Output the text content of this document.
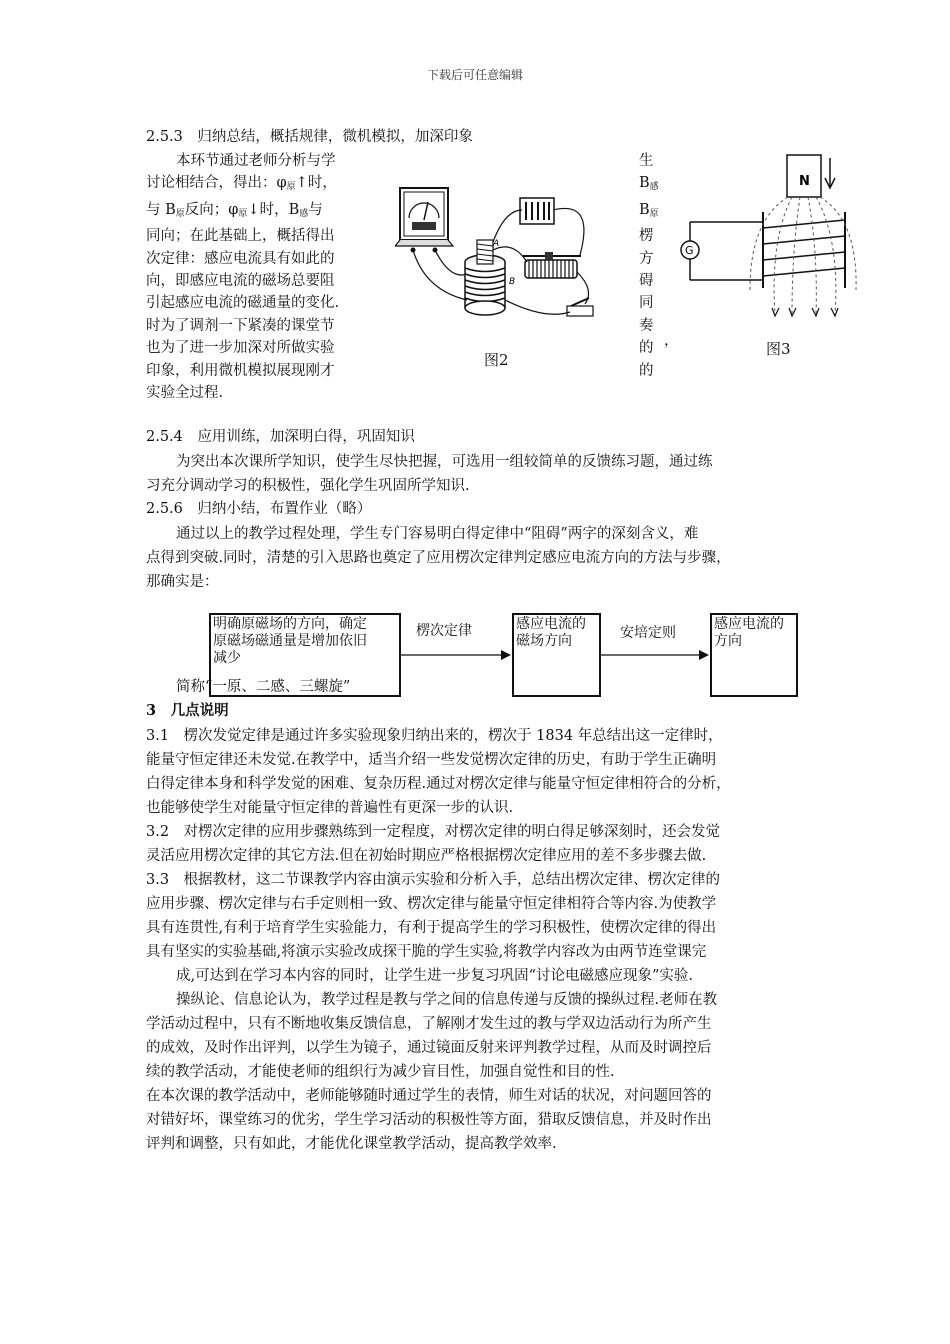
下载后可任意编辑
2.5.3　归纳总结，概括规律，微机模拟，加深印象
本环节通过老师分析与学
讨论相结合，得出：$\varphi_原↑$时，
与 $B_原$反向；$\varphi_原↓$时，$B_感$与
同向；在此基础上，概括得出
次定律：感应电流具有如此的
向，即感应电流的磁场总要阻
引起感应电流的磁通量的变化.
时为了调剂一下紧凑的课堂节
也为了进一步加深对所做实验
印象，利用微机模拟展现刚才
实验全过程.
A
B
图2
生
$B_感$
$B_原$
楞
方
碍
同
奏
的
的
，
N
G
图3
2.5.4　应用训练，加深明白得，巩固知识
为突出本次课所学知识，使学生尽快把握，可选用一组较简单的反馈练习题，通过练
习充分调动学习的积极性，强化学生巩固所学知识.
2.5.6　归纳小结，布置作业（略）
通过以上的教学过程处理，学生专门容易明白得定律中“阻碍”两字的深刻含义，难
点得到突破.同时，清楚的引入思路也奠定了应用楞次定律判定感应电流方向的方法与步骤，
那确实是：
明确原磁场的方向，确定
原磁场磁通量是增加依旧
减少
楞次定律	感应电流的
磁场方向	安培定则
感应电流的
方向
简称“一原、二感、三螺旋”
3　几点说明
3.1　楞次发觉定律是通过许多实验现象归纳出来的，楞次于 1834 年总结出这一定律时，
能量守恒定律还未发觉.在教学中，适当介绍一些发觉楞次定律的历史，有助于学生正确明
白得定律本身和科学发觉的困难、复杂历程.通过对楞次定律与能量守恒定律相符合的分析，
也能够使学生对能量守恒定律的普遍性有更深一步的认识.
3.2　对楞次定律的应用步骤熟练到一定程度，对楞次定律的明白得足够深刻时，还会发觉
灵活应用楞次定律的其它方法.但在初始时期应严格根据楞次定律应用的差不多步骤去做.
3.3　根据教材，这二节课教学内容由演示实验和分析入手，总结出楞次定律、楞次定律的
应用步骤、楞次定律与右手定则相一致、楞次定律与能量守恒定律相符合等内容.为使教学
具有连贯性,有利于培育学生实验能力，有利于提高学生的学习积极性，使楞次定律的得出
具有坚实的实验基础,将演示实验改成探干脆的学生实验,将教学内容改为由两节连堂课完
成,可达到在学习本内容的同时，让学生进一步复习巩固“讨论电磁感应现象”实验.
操纵论、信息论认为，教学过程是教与学之间的信息传递与反馈的操纵过程.老师在教
学活动过程中，只有不断地收集反馈信息，了解刚才发生过的教与学双边活动行为所产生
的成效，及时作出评判，以学生为镜子，通过镜面反射来评判教学过程，从而及时调控后
续的教学活动，才能使老师的组织行为减少盲目性，加强自觉性和目的性.
在本次课的教学活动中，老师能够随时通过学生的表情，师生对话的状况，对问题回答的
对错好坏，课堂练习的优劣，学生学习活动的积极性等方面，猎取反馈信息，并及时作出
评判和调整，只有如此，才能优化课堂教学活动，提高教学效率.
